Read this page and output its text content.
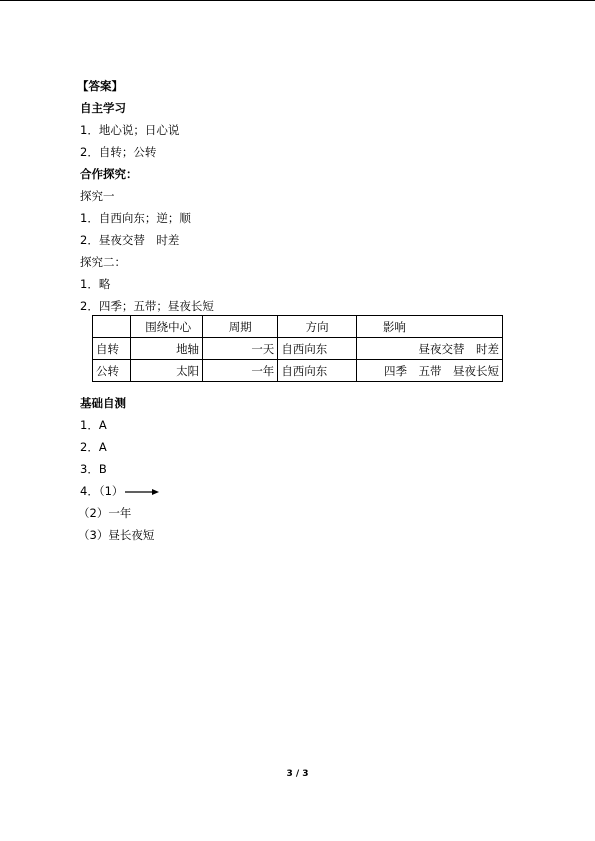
【答案】
自主学习
1．地心说；日心说
2．自转；公转
合作探究：
探究一
1．自西向东；逆；顺
2．昼夜交替　时差
探究二：
1．略
2．四季；五带；昼夜长短
	围绕中心	周期	方向	影响
自转	地轴	一天	自西向东	昼夜交替　时差
公转	太阳	一年	自西向东	四季　五带　昼夜长短
基础自测
1．A
2．A
3．B
4．（1）
（2）一年
（3）昼长夜短
3 / 3
